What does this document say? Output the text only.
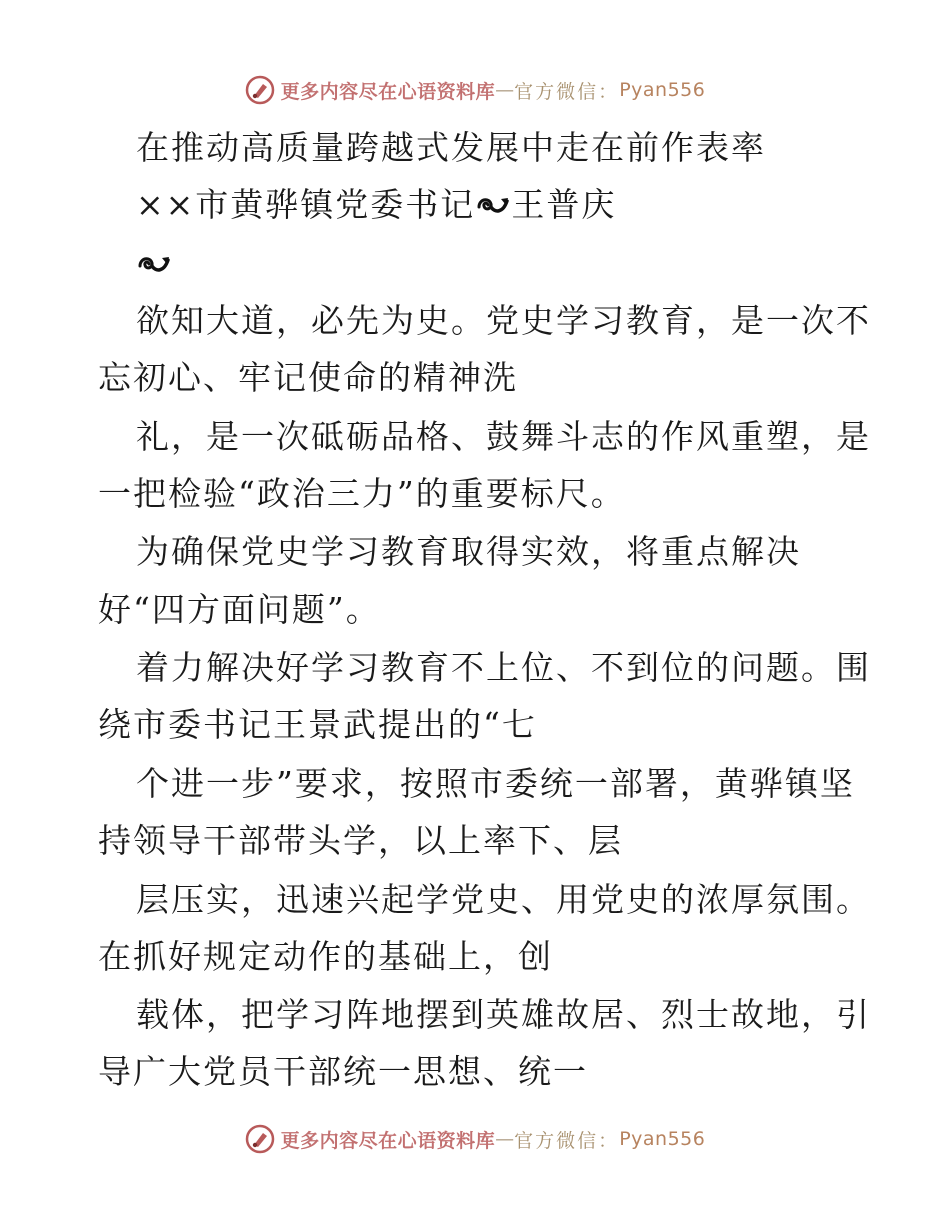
更多内容尽在心语资料库 — 官方微信： Pyan556
在推动高质量跨越式发展中走在前作表率
××市黄骅镇党委书记 王普庆
欲知大道，必先为史。党史学习教育，是一次不
忘初心、牢记使命的精神洗
礼，是一次砥砺品格、鼓舞斗志的作风重塑，是
一把检验“政治三力”的重要标尺。
为确保党史学习教育取得实效，将重点解决
好“四方面问题”。
着力解决好学习教育不上位、不到位的问题。围
绕市委书记王景武提出的“七
个进一步”要求，按照市委统一部署，黄骅镇坚
持领导干部带头学，以上率下、层
层压实，迅速兴起学党史、用党史的浓厚氛围。
在抓好规定动作的基础上，创
载体，把学习阵地摆到英雄故居、烈士故地，引
导广大党员干部统一思想、统一
更多内容尽在心语资料库 — 官方微信： Pyan556
